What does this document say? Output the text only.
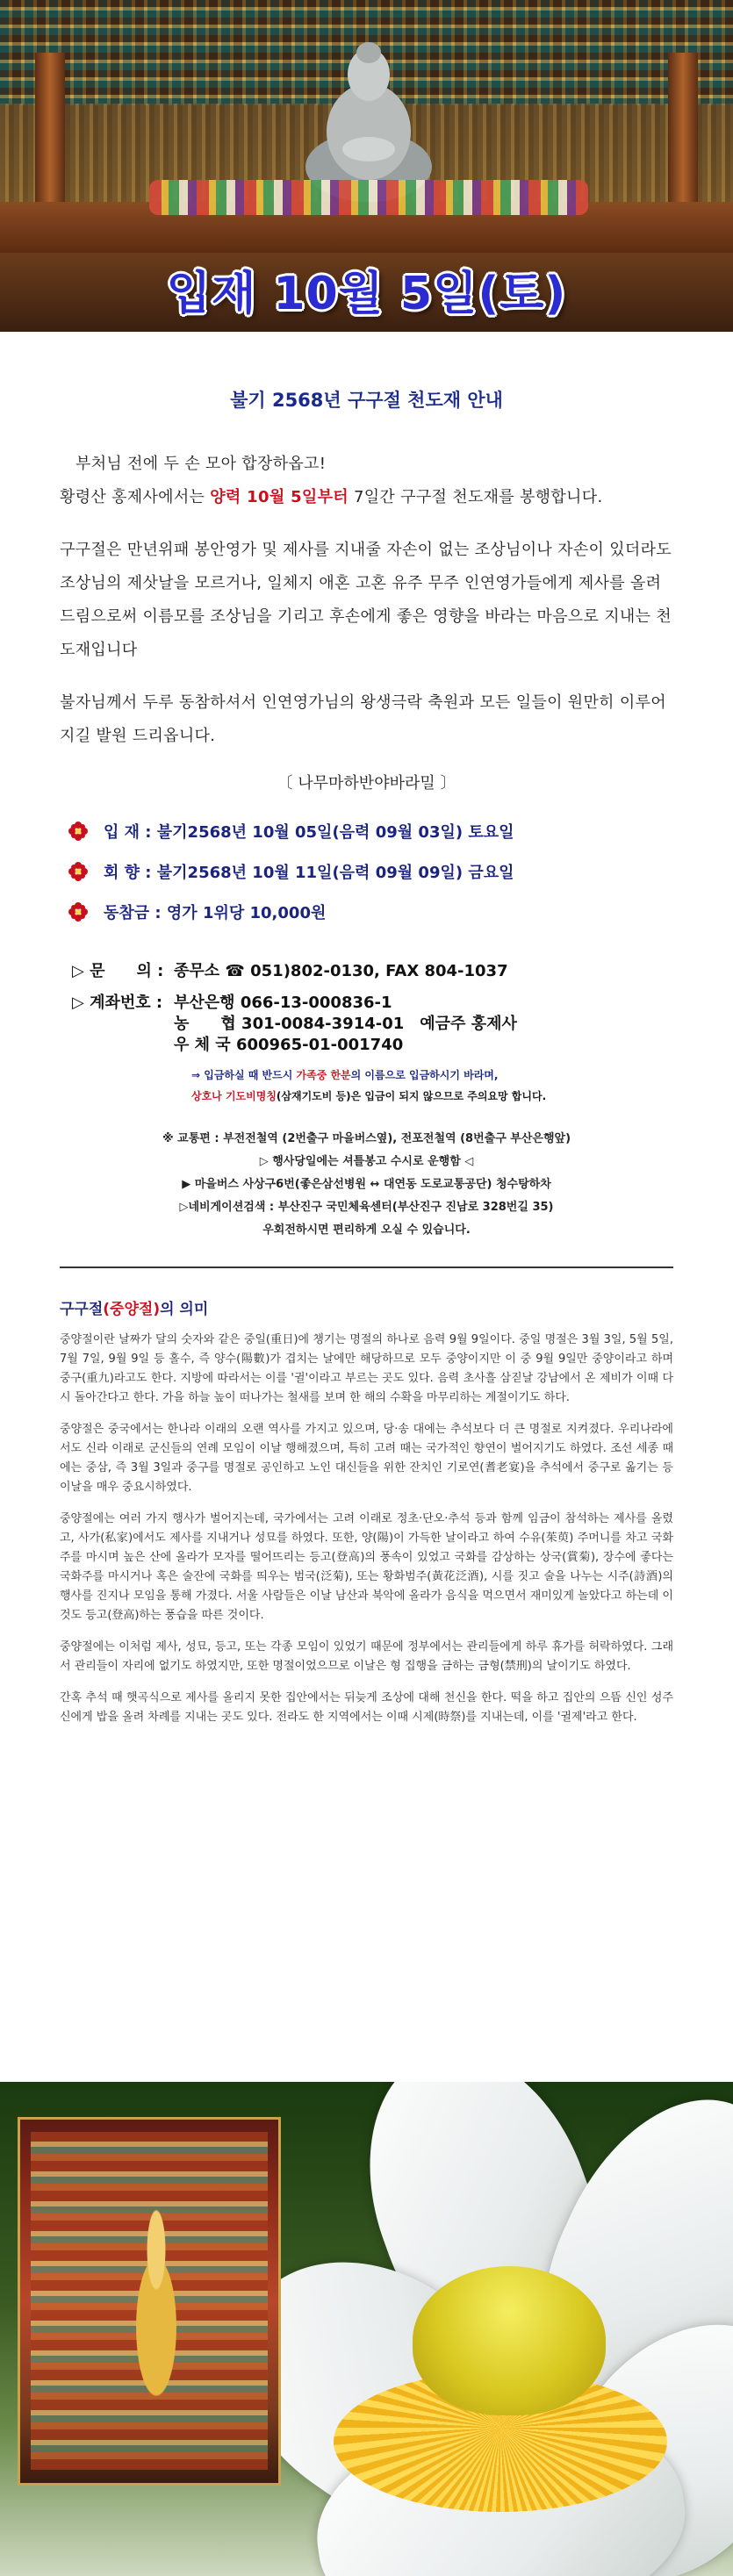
입재 10월 5일(토)
불기 2568년 구구절 천도재 안내
부처님 전에 두 손 모아 합장하옵고!
황령산 홍제사에서는 양력 10월 5일부터 7일간 구구절 천도재를 봉행합니다.
구구절은 만년위패 봉안영가 및 제사를 지내줄 자손이 없는 조상님이나 자손이 있더라도 조상님의 제삿날을 모르거나, 일체지 애혼 고혼 유주 무주 인연영가들에게 제사를 올려드림으로써 이름모를 조상님을 기리고 후손에게 좋은 영향을 바라는 마음으로 지내는 천도재입니다
불자님께서 두루 동참하셔서 인연영가님의 왕생극락 축원과 모든 일들이 원만히 이루어지길 발원 드리옵니다.
〔 나무마하반야바라밀 〕
입 재 : 불기2568년 10월 05일(음력 09월 03일) 토요일
회 향 : 불기2568년 10월 11일(음력 09월 09일) 금요일
동참금 : 영가 1위당 10,000원
▷ 문　　의 : 종무소 ☎ 051)802-0130, FAX 804-1037
▷ 계좌번호 : 부산은행 066-13-000836-1
농　　협 301-0084-3914-01　예금주 홍제사
우 체 국 600965-01-001740
⇒ 입금하실 때 반드시 가족중 한분의 이름으로 입금하시기 바라며,
상호나 기도비명칭(삼재기도비 등)은 입금이 되지 않으므로 주의요망 합니다.
※ 교통편 : 부전전철역 (2번출구 마을버스옆), 전포전철역 (8번출구 부산은행앞)
▷ 행사당일에는 셔틀봉고 수시로 운행함 ◁
▶ 마을버스 사상구6번(좋은삼선병원 ↔ 대연동 도로교통공단) 청수탕하차
▷네비게이션검색 : 부산진구 국민체육센터(부산진구 진남로 328번길 35)
우회전하시면 편리하게 오실 수 있습니다.
구구절(중양절)의 의미
중양절이란 날짜가 달의 숫자와 같은 중일(重日)에 챙기는 명절의 하나로 음력 9월 9일이다. 중일 명절은 3월 3일, 5월 5일, 7월 7일, 9월 9일 등 홀수, 즉 양수(陽數)가 겹치는 날에만 해당하므로 모두 중양이지만 이 중 9월 9일만 중양이라고 하며 중구(重九)라고도 한다. 지방에 따라서는 이를 '귈'이라고 부르는 곳도 있다. 음력 초사흘 삼짇날 강남에서 온 제비가 이때 다시 돌아간다고 한다. 가을 하늘 높이 떠나가는 철새를 보며 한 해의 수확을 마무리하는 계절이기도 하다.
중양절은 중국에서는 한나라 이래의 오랜 역사를 가지고 있으며, 당·송 대에는 추석보다 더 큰 명절로 지켜졌다. 우리나라에서도 신라 이래로 군신들의 연례 모임이 이날 행해졌으며, 특히 고려 때는 국가적인 향연이 벌어지기도 하였다. 조선 세종 때에는 중삼, 즉 3월 3일과 중구를 명절로 공인하고 노인 대신들을 위한 잔치인 기로연(耆老宴)을 추석에서 중구로 옮기는 등 이날을 매우 중요시하였다.
중양절에는 여러 가지 행사가 벌어지는데, 국가에서는 고려 이래로 정초·단오·추석 등과 함께 임금이 참석하는 제사를 올렸고, 사가(私家)에서도 제사를 지내거나 성묘를 하였다. 또한, 양(陽)이 가득한 날이라고 하여 수유(茱萸) 주머니를 차고 국화주를 마시며 높은 산에 올라가 모자를 떨어뜨리는 등고(登高)의 풍속이 있었고 국화를 감상하는 상국(賞菊), 장수에 좋다는 국화주를 마시거나 혹은 술잔에 국화를 띄우는 범국(泛菊), 또는 황화범주(黃花泛酒), 시를 짓고 술을 나누는 시주(詩酒)의 행사를 진지나 모임을 통해 가졌다. 서울 사람들은 이날 남산과 북악에 올라가 음식을 먹으면서 재미있게 놀았다고 하는데 이것도 등고(登高)하는 풍습을 따른 것이다.
중양절에는 이처럼 제사, 성묘, 등고, 또는 각종 모임이 있었기 때문에 정부에서는 관리들에게 하루 휴가를 허락하였다. 그래서 관리들이 자리에 없기도 하였지만, 또한 명절이었으므로 이날은 형 집행을 금하는 금형(禁刑)의 날이기도 하였다.
간혹 추석 때 햇곡식으로 제사를 올리지 못한 집안에서는 뒤늦게 조상에 대해 천신을 한다. 떡을 하고 집안의 으뜸 신인 성주신에게 밥을 올려 차례를 지내는 곳도 있다. 전라도 한 지역에서는 이때 시제(時祭)를 지내는데, 이를 '귈제'라고 한다.
